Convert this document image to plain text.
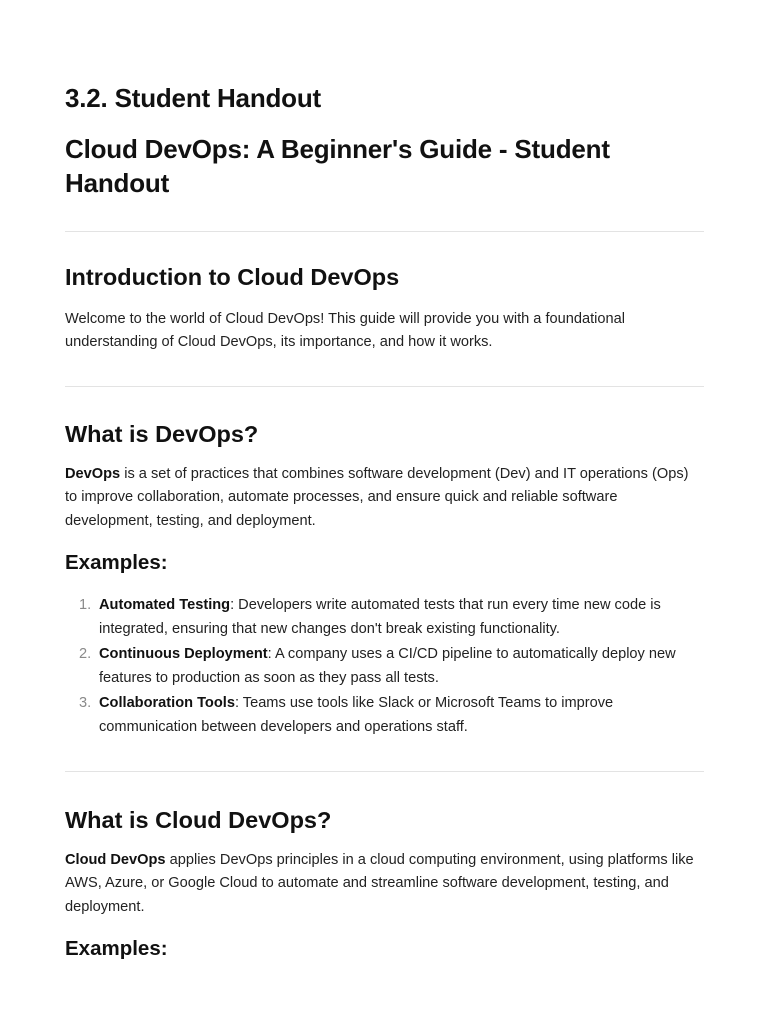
3.2. Student Handout
Cloud DevOps: A Beginner's Guide - Student Handout
Introduction to Cloud DevOps

Welcome to the world of Cloud DevOps! This guide will provide you with a foundational understanding of Cloud DevOps, its importance, and how it works.

What is DevOps?

DevOps is a set of practices that combines software development (Dev) and IT operations (Ops) to improve collaboration, automate processes, and ensure quick and reliable software development, testing, and deployment.

Examples:
1. Automated Testing: Developers write automated tests that run every time new code is integrated, ensuring that new changes don't break existing functionality.
2. Continuous Deployment: A company uses a CI/CD pipeline to automatically deploy new features to production as soon as they pass all tests.
3. Collaboration Tools: Teams use tools like Slack or Microsoft Teams to improve communication between developers and operations staff.
What is Cloud DevOps?

Cloud DevOps applies DevOps principles in a cloud computing environment, using platforms like AWS, Azure, or Google Cloud to automate and streamline software development, testing, and deployment.

Examples:
